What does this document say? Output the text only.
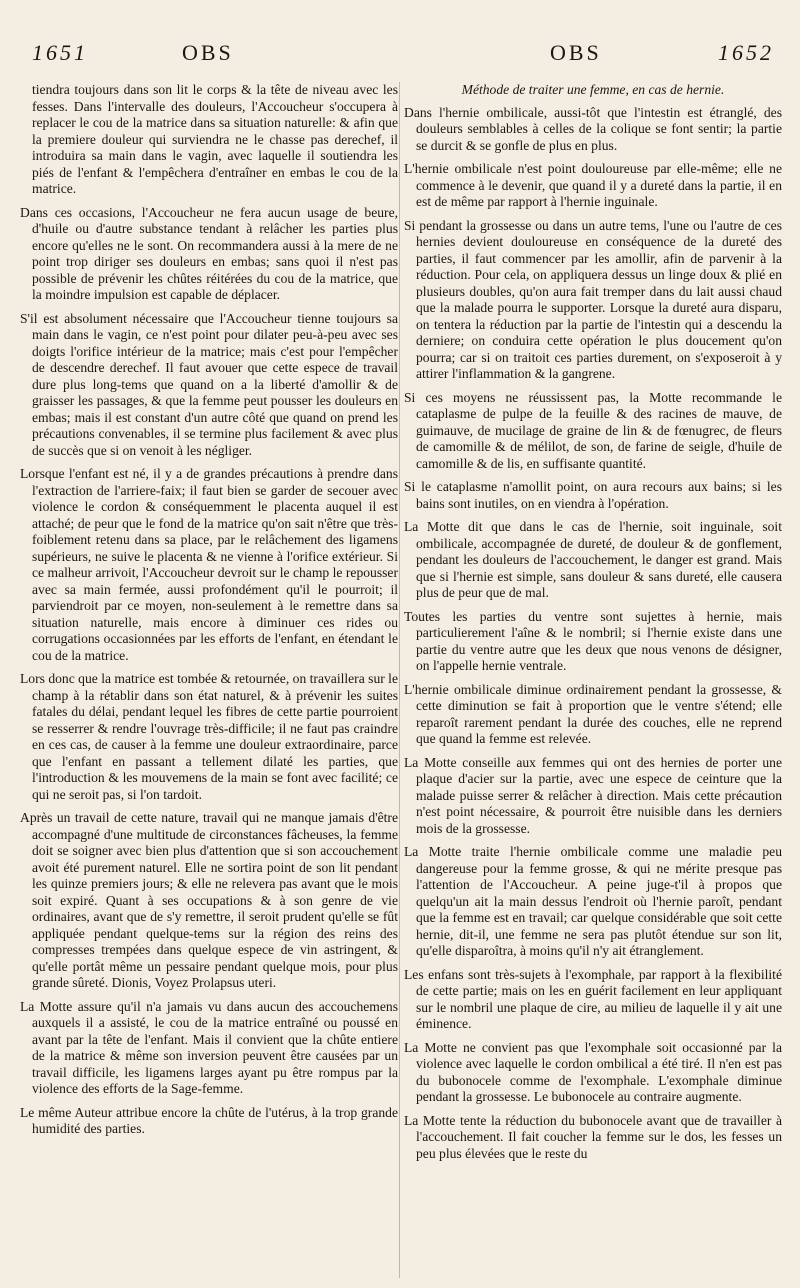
1651	OBS	OBS	1652

tiendra toujours dans son lit le corps & la tête de niveau avec les fesses. Dans l'intervalle des douleurs, l'Accoucheur s'occupera à replacer le cou de la matrice dans sa situation naturelle: & afin que la premiere douleur qui surviendra ne le chasse pas derechef, il introduira sa main dans le vagin, avec laquelle il soutiendra les piés de l'enfant & l'empêchera d'entraîner en embas le cou de la matrice.

Dans ces occasions, l'Accoucheur ne fera aucun usage de beure, d'huile ou d'autre substance tendant à relâcher les parties plus encore qu'elles ne le sont. On recommandera aussi à la mere de ne point trop diriger ses douleurs en embas; sans quoi il n'est pas possible de prévenir les chûtes réitérées du cou de la matrice, que la moindre impulsion est capable de déplacer.

S'il est absolument nécessaire que l'Accoucheur tienne toujours sa main dans le vagin, ce n'est point pour dilater peu-à-peu avec ses doigts l'orifice intérieur de la matrice; mais c'est pour l'empêcher de descendre derechef. Il faut avouer que cette espece de travail dure plus long-tems que quand on a la liberté d'amollir & de graisser les passages, & que la femme peut pousser les douleurs en embas; mais il est constant d'un autre côté que quand on prend les précautions convenables, il se termine plus facilement & avec plus de succès que si on venoit à les négliger.

Lorsque l'enfant est né, il y a de grandes précautions à prendre dans l'extraction de l'arriere-faix; il faut bien se garder de secouer avec violence le cordon & conséquemment le placenta auquel il est attaché; de peur que le fond de la matrice qu'on sait n'être que très-foiblement retenu dans sa place, par le relâchement des ligamens supérieurs, ne suive le placenta & ne vienne à l'orifice extérieur. Si ce malheur arrivoit, l'Accoucheur devroit sur le champ le repousser avec sa main fermée, aussi profondément qu'il le pourroit; il parviendroit par ce moyen, non-seulement à le remettre dans sa situation naturelle, mais encore à diminuer ces rides ou corrugations occasionnées par les efforts de l'enfant, en étendant le cou de la matrice.

Lors donc que la matrice est tombée & retournée, on travaillera sur le champ à la rétablir dans son état naturel, & à prévenir les suites fatales du délai, pendant lequel les fibres de cette partie pourroient se resserrer & rendre l'ouvrage très-difficile; il ne faut pas craindre en ces cas, de causer à la femme une douleur extraordinaire, parce que l'enfant en passant a tellement dilaté les parties, que l'introduction & les mouvemens de la main se font avec facilité; ce qui ne seroit pas, si l'on tardoit.

Après un travail de cette nature, travail qui ne manque jamais d'être accompagné d'une multitude de circonstances fâcheuses, la femme doit se soigner avec bien plus d'attention que si son accouchement avoit été purement naturel. Elle ne sortira point de son lit pendant les quinze premiers jours; & elle ne relevera pas avant que le mois soit expiré. Quant à ses occupations & à son genre de vie ordinaires, avant que de s'y remettre, il seroit prudent qu'elle se fût appliquée pendant quelque-tems sur la région des reins des compresses trempées dans quelque espece de vin astringent, & qu'elle portât même un pessaire pendant quelque mois, pour plus grande sûreté. Dionis, Voyez Prolapsus uteri.

La Motte assure qu'il n'a jamais vu dans aucun des accouchemens auxquels il a assisté, le cou de la matrice entraîné ou poussé en avant par la tête de l'enfant. Mais il convient que la chûte entiere de la matrice & même son inversion peuvent être causées par un travail difficile, les ligamens larges ayant pu être rompus par la violence des efforts de la Sage-femme.

Le même Auteur attribue encore la chûte de l'utérus, à la trop grande humidité des parties.

Méthode de traiter une femme, en cas de hernie.

Dans l'hernie ombilicale, aussi-tôt que l'intestin est étranglé, des douleurs semblables à celles de la colique se font sentir; la partie se durcit & se gonfle de plus en plus.

L'hernie ombilicale n'est point douloureuse par elle-même; elle ne commence à le devenir, que quand il y a dureté dans la partie, il en est de même par rapport à l'hernie inguinale.

Si pendant la grossesse ou dans un autre tems, l'une ou l'autre de ces hernies devient douloureuse en conséquence de la dureté des parties, il faut commencer par les amollir, afin de parvenir à la réduction. Pour cela, on appliquera dessus un linge doux & plié en plusieurs doubles, qu'on aura fait tremper dans du lait aussi chaud que la malade pourra le supporter. Lorsque la dureté aura disparu, on tentera la réduction par la partie de l'intestin qui a descendu la derniere; on conduira cette opération le plus doucement qu'on pourra; car si on traitoit ces parties durement, on s'exposeroit à y attirer l'inflammation & la gangrene.

Si ces moyens ne réussissent pas, la Motte recommande le cataplasme de pulpe de la feuille & des racines de mauve, de guimauve, de mucilage de graine de lin & de fœnugrec, de fleurs de camomille & de mélilot, de son, de farine de seigle, d'huile de camomille & de lis, en suffisante quantité.

Si le cataplasme n'amollit point, on aura recours aux bains; si les bains sont inutiles, on en viendra à l'opération.

La Motte dit que dans le cas de l'hernie, soit inguinale, soit ombilicale, accompagnée de dureté, de douleur & de gonflement, pendant les douleurs de l'accouchement, le danger est grand. Mais que si l'hernie est simple, sans douleur & sans dureté, elle causera plus de peur que de mal.

Toutes les parties du ventre sont sujettes à hernie, mais particulierement l'aîne & le nombril; si l'hernie existe dans une partie du ventre autre que les deux que nous venons de désigner, on l'appelle hernie ventrale.

L'hernie ombilicale diminue ordinairement pendant la grossesse, & cette diminution se fait à proportion que le ventre s'étend; elle reparoît rarement pendant la durée des couches, elle ne reprend que quand la femme est relevée.

La Motte conseille aux femmes qui ont des hernies de porter une plaque d'acier sur la partie, avec une espece de ceinture que la malade puisse serrer & relâcher à direction. Mais cette précaution n'est point nécessaire, & pourroit être nuisible dans les derniers mois de la grossesse.

La Motte traite l'hernie ombilicale comme une maladie peu dangereuse pour la femme grosse, & qui ne mérite presque pas l'attention de l'Accoucheur. A peine juge-t'il à propos que quelqu'un ait la main dessus l'endroit où l'hernie paroît, pendant que la femme est en travail; car quelque considérable que soit cette hernie, dit-il, une femme ne sera pas plutôt étendue sur son lit, qu'elle disparoîtra, à moins qu'il n'y ait étranglement.

Les enfans sont très-sujets à l'exomphale, par rapport à la flexibilité de cette partie; mais on les en guérit facilement en leur appliquant sur le nombril une plaque de cire, au milieu de laquelle il y ait une éminence.

La Motte ne convient pas que l'exomphale soit occasionné par la violence avec laquelle le cordon ombilical a été tiré. Il n'en est pas du bubonocele comme de l'exomphale. L'exomphale diminue pendant la grossesse. Le bubonocele au contraire augmente.

La Motte tente la réduction du bubonocele avant que de travailler à l'accouchement. Il fait coucher la femme sur le dos, les fesses un peu plus élevées que le reste du
